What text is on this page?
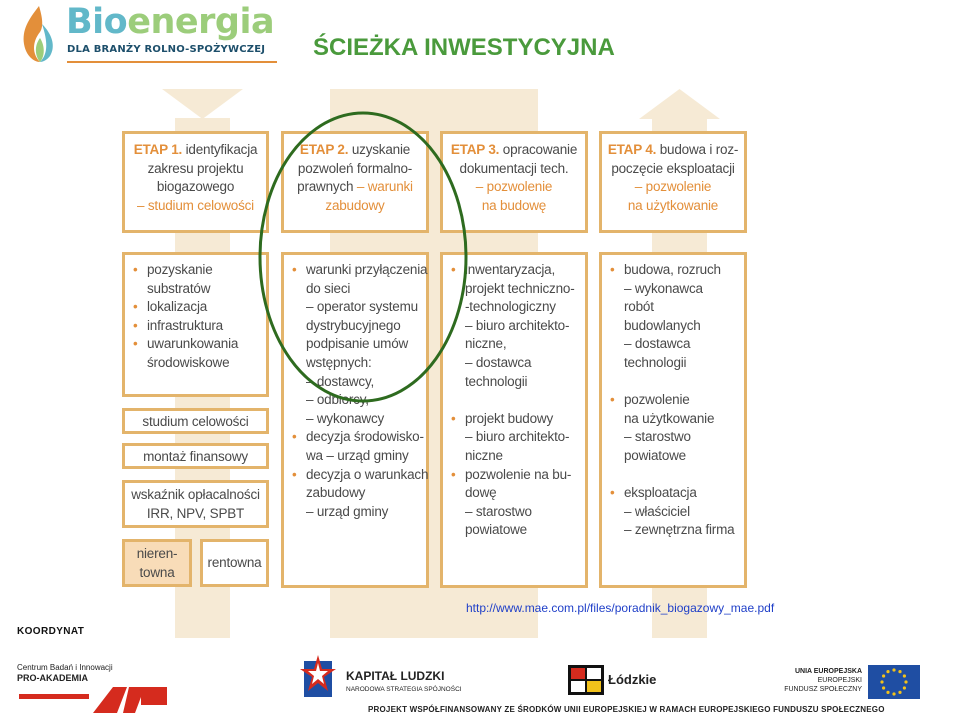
Bioenergia
DLA BRANŻY ROLNO-SPOŻYWCZEJ ŚCIEŻKA INWESTYCYJNA
ETAP 1. identyfikacja
zakresu projektu
biogazowego
– studium celowości
ETAP 2. uzyskanie
pozwoleń formalno-
prawnych – warunki
zabudowy
ETAP 3. opracowanie
dokumentacji tech.
– pozwolenie
na budowę
ETAP 4. budowa i roz-
poczęcie eksploatacji
– pozwolenie
na użytkowanie
• pozyskanie
substratów
• lokalizacja
• infrastruktura
• uwarunkowania
środowiskowe
• warunki przyłączenia
do sieci
– operator systemu
dystrybucyjnego
podpisanie umów
wstępnych:
– dostawcy,
– odbiorcy,
– wykonawcy
• decyzja środowisko-
wa – urząd gminy
• decyzja o warunkach
zabudowy
– urząd gminy
• inwentaryzacja,
projekt techniczno-
-technologiczny
– biuro architekto-
niczne,
– dostawca
technologii
• projekt budowy
– biuro architekto-
niczne
• pozwolenie na bu-
dowę
– starostwo
powiatowe
• budowa, rozruch
– wykonawca
robót
budowlanych
– dostawca
technologii
• pozwolenie
na użytkowanie
– starostwo
powiatowe
• eksploatacja
– właściciel
– zewnętrzna firma
studium celowości
montaż finansowy
wskaźnik opłacalności
IRR, NPV, SPBT
nieren-
towna
rentowna
http://www.mae.com.pl/files/poradnik_biogazowy_mae.pdf
KOORDYNAT
Centrum Badań i Innowacji
PRO-AKADEMIA	KAPITAŁ LUDZKI
NARODOWA STRATEGIA SPÓJNOŚCI
Łódzkie
UNIA EUROPEJSKA
EUROPEJSKI
FUNDUSZ SPOŁECZNY
PROJEKT WSPÓŁFINANSOWANY ZE ŚRODKÓW UNII EUROPEJSKIEJ W RAMACH EUROPEJSKIEGO FUNDUSZU SPOŁECZNEGO
